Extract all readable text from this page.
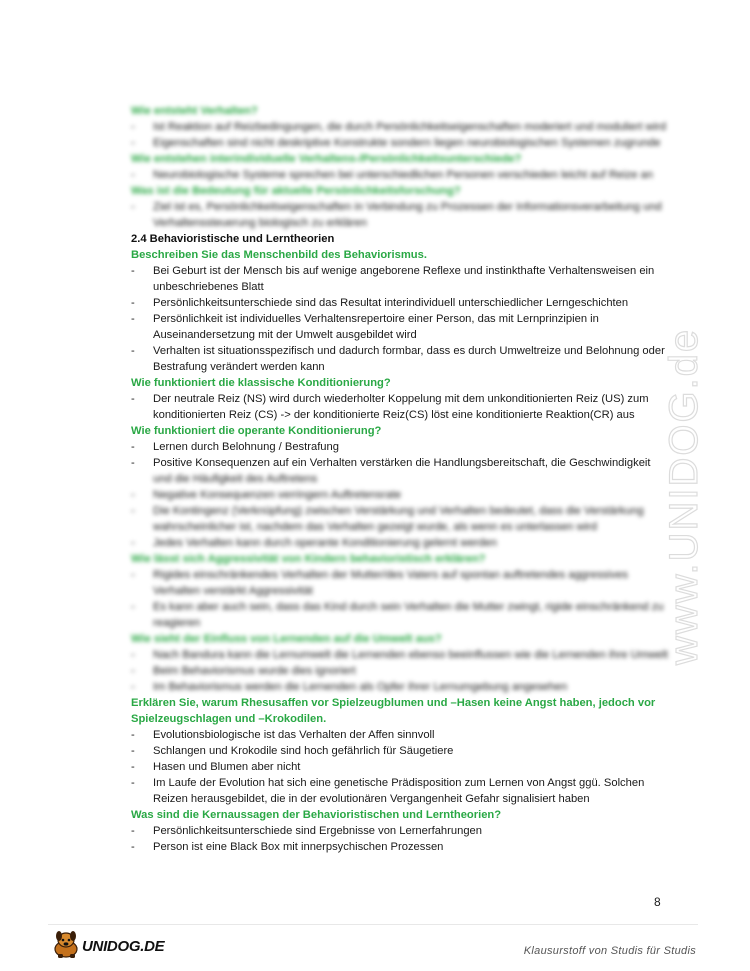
Wie entsteht Verhalten?
- Ist Reaktion auf Reizbedingungen, die durch Persönlichkeitseigenschaften moderiert und moduliert wird
- Eigenschaften sind nicht deskriptive Konstrukte sondern liegen neurobiologischen Systemen zugrunde
Wie entstehen interindividuelle Verhaltens-/Persönlichkeitsunterschiede?
- Neurobiologische Systeme sprechen bei unterschiedlichen Personen verschieden leicht auf Reize an
Was ist die Bedeutung für aktuelle Persönlichkeitsforschung?
- Ziel ist es, Persönlichkeitseigenschaften in Verbindung zu Prozessen der Informationsverarbeitung und Verhaltenssteuerung biologisch zu erklären
2.4 Behavioristische und Lerntheorien
Beschreiben Sie das Menschenbild des Behaviorismus.
- Bei Geburt ist der Mensch bis auf wenige angeborene Reflexe und instinkthafte Verhaltensweisen ein unbeschriebenes Blatt
- Persönlichkeitsunterschiede sind das Resultat interindividuell unterschiedlicher Lerngeschichten
- Persönlichkeit ist individuelles Verhaltensrepertoire einer Person, das mit Lernprinzipien in Auseinandersetzung mit der Umwelt ausgebildet wird
- Verhalten ist situationsspezifisch und dadurch formbar, dass es durch Umweltreize und Belohnung oder Bestrafung verändert werden kann
Wie funktioniert die klassische Konditionierung?
- Der neutrale Reiz (NS) wird durch wiederholter Koppelung mit dem unkonditionierten Reiz (US) zum konditionierten Reiz (CS) -> der konditionierte Reiz(CS) löst eine konditionierte Reaktion(CR) aus
Wie funktioniert die operante Konditionierung?
- Lernen durch Belohnung / Bestrafung
- Positive Konsequenzen auf ein Verhalten verstärken die Handlungsbereitschaft, die Geschwindigkeit
und die Häufigkeit des Auftretens
- Negative Konsequenzen verringern Auftretensrate
- Die Kontingenz (Verknüpfung) zwischen Verstärkung und Verhalten bedeutet, dass die Verstärkung wahrscheinlicher ist, nachdem das Verhalten gezeigt wurde, als wenn es unterlassen wird
- Jedes Verhalten kann durch operante Konditionierung gelernt werden
Wie lässt sich Aggressivität von Kindern behavioristisch erklären?
- Rigides einschränkendes Verhalten der Mutter/des Vaters auf spontan auftretendes aggressives Verhalten verstärkt Aggressivität
- Es kann aber auch sein, dass das Kind durch sein Verhalten die Mutter zwingt, rigide einschränkend zu reagieren
Wie sieht der Einfluss von Lernenden auf die Umwelt aus?
- Nach Bandura kann die Lernumwelt die Lernenden ebenso beeinflussen wie die Lernenden ihre Umwelt
- Beim Behaviorismus wurde dies ignoriert
- Im Behaviorismus werden die Lernenden als Opfer ihrer Lernumgebung angesehen
Erklären Sie, warum Rhesusaffen vor Spielzeugblumen und –Hasen keine Angst haben, jedoch vor Spielzeugschlagen und –Krokodilen.
- Evolutionsbiologische ist das Verhalten der Affen sinnvoll
- Schlangen und Krokodile sind hoch gefährlich für Säugetiere
- Hasen und Blumen aber nicht
- Im Laufe der Evolution hat sich eine genetische Prädisposition zum Lernen von Angst ggü. Solchen Reizen herausgebildet, die in der evolutionären Vergangenheit Gefahr signalisiert haben
Was sind die Kernaussagen der Behavioristischen und Lerntheorien?
- Persönlichkeitsunterschiede sind Ergebnisse von Lernerfahrungen
- Person ist eine Black Box mit innerpsychischen Prozessen
www.UNIDOG.de
8
UNIDOG.DE	Klausurstoff von Studis für Studis
